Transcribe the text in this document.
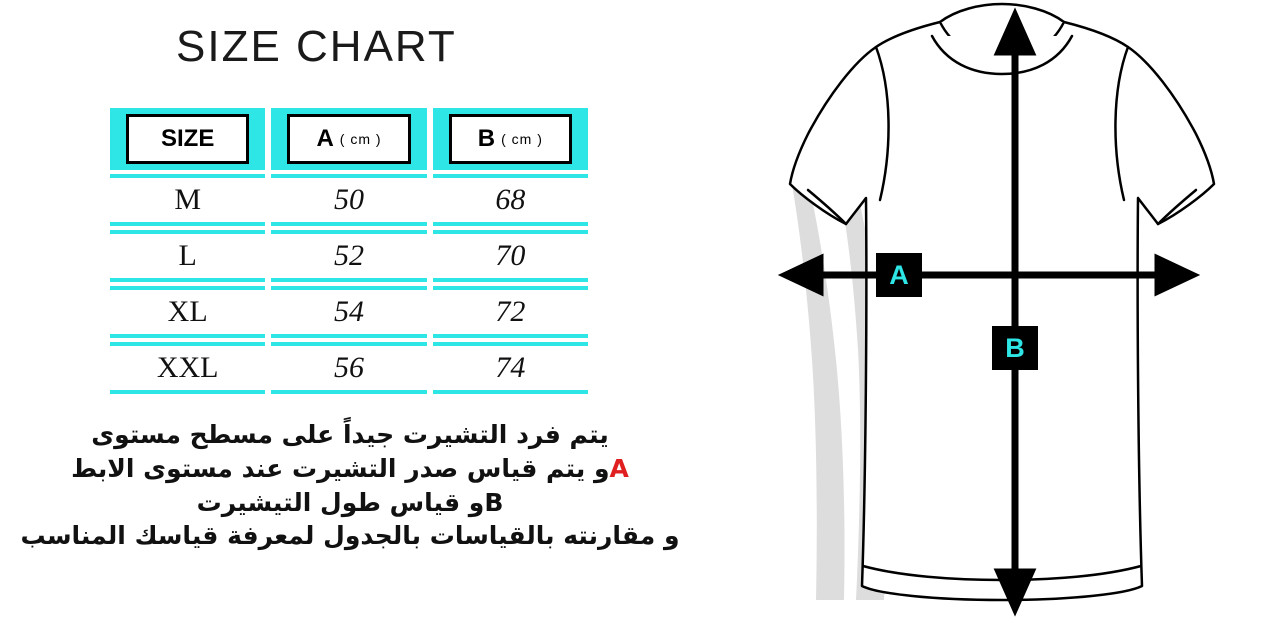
SIZE CHART
SIZE	A ( cm )	B ( cm )

M	50	68

L	52	70

XL	54	72

XXL	56	74
يتم فرد التشيرت جيداً على مسطح مستوى
Aو يتم قياس صدر التشيرت عند مستوى الابط
Bو قياس طول التيشيرت
و مقارنته بالقياسات بالجدول لمعرفة قياسك المناسب
A
B
